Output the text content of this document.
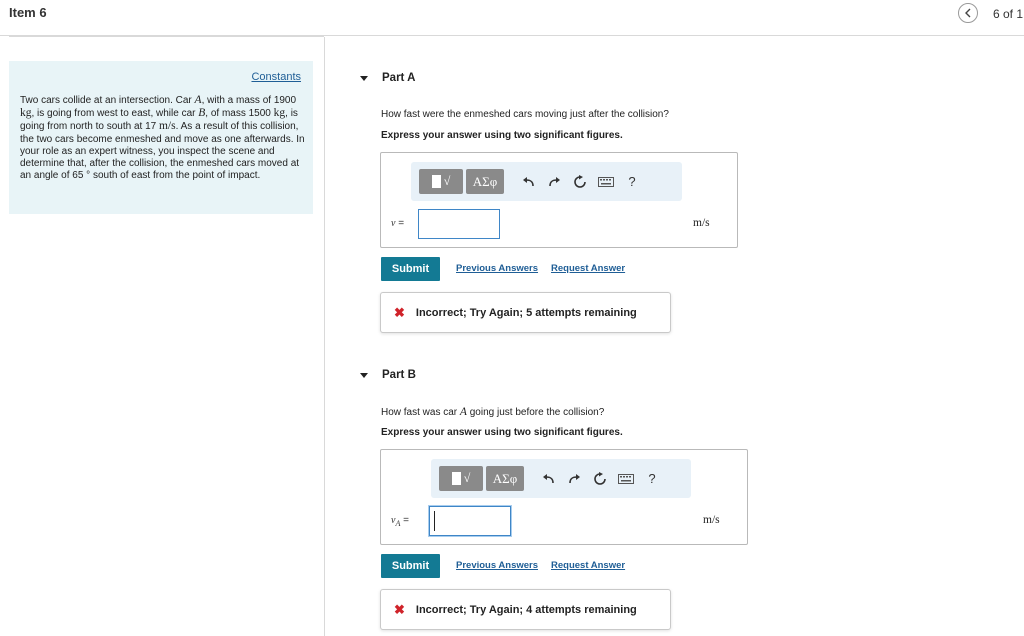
Item 6	6 of 1
Constants
Two cars collide at an intersection. Car A, with a mass of 1900 kg, is going from west to east, while car B, of mass 1500 kg, is going from north to south at 17 m/s. As a result of this collision, the two cars become enmeshed and move as one afterwards. In your role as an expert witness, you inspect the scene and determine that, after the collision, the enmeshed cars moved at an angle of 65 ° south of east from the point of impact.
Part A
How fast were the enmeshed cars moving just after the collision?
Express your answer using two significant figures.
√	ΑΣφ	?
v =	m/s
Submit	Previous Answers Request Answer
✖ Incorrect; Try Again; 5 attempts remaining
Part B
How fast was car A going just before the collision?
Express your answer using two significant figures.
√	ΑΣφ	?
$v_A$ =	m/s
Submit	Previous Answers Request Answer
✖ Incorrect; Try Again; 4 attempts remaining
